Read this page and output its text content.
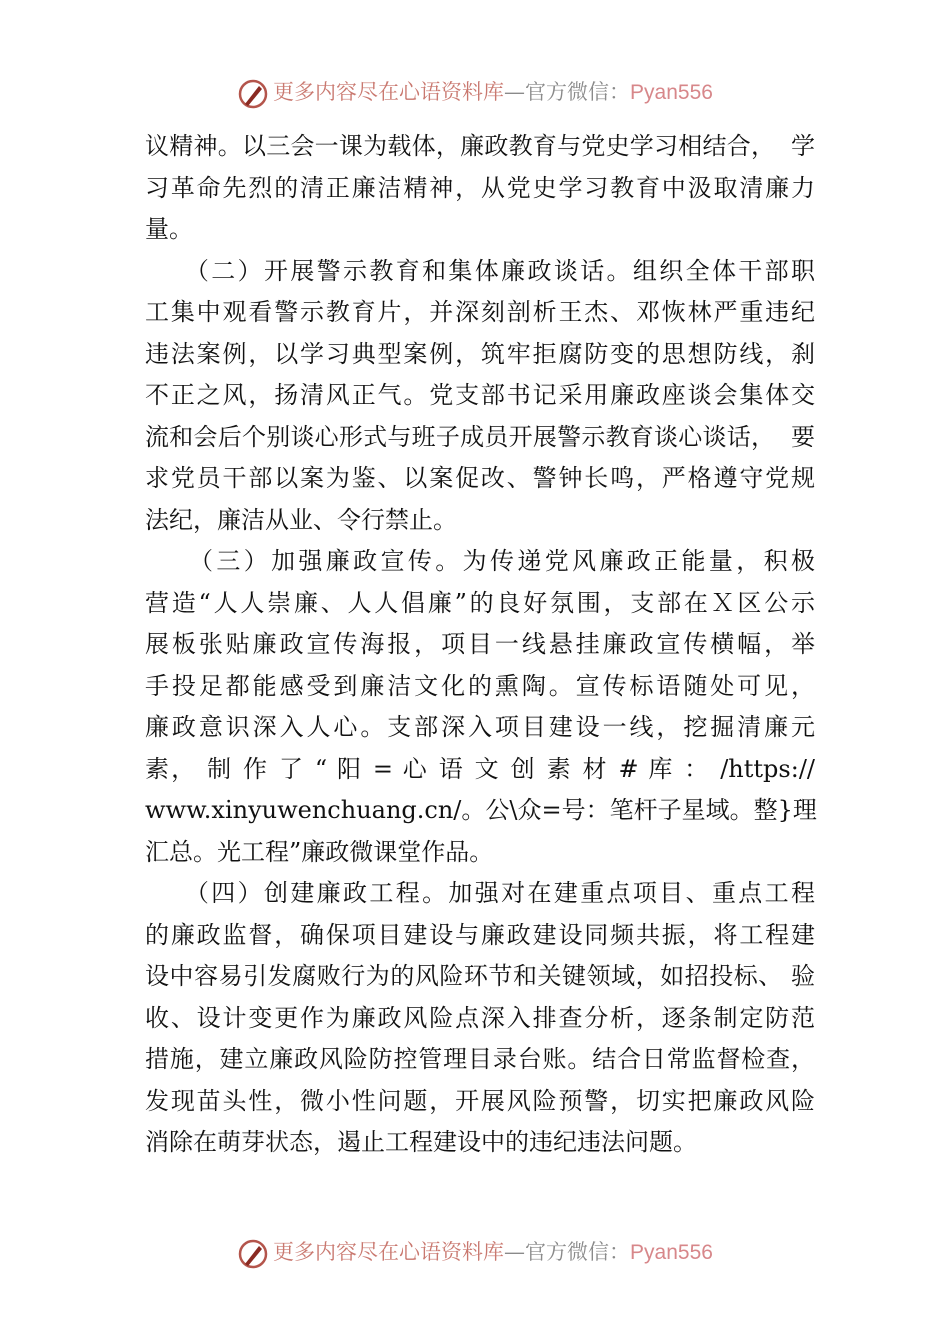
更多内容尽在心语资料库—官方微信：Pyan556
议精神。以三会一课为载体，廉政教育与党史学习相结合，  学
习革命先烈的清正廉洁精神，从党史学习教育中汲取清廉力
量。
（二）开展警示教育和集体廉政谈话。组织全体干部职
工集中观看警示教育片，并深刻剖析王杰、邓恢林严重违纪
违法案例，以学习典型案例，筑牢拒腐防变的思想防线，刹
不正之风，扬清风正气。党支部书记采用廉政座谈会集体交
流和会后个别谈心形式与班子成员开展警示教育谈心谈话，  要
求党员干部以案为鉴、以案促改、警钟长鸣，严格遵守党规
法纪，廉洁从业、令行禁止。
（三）加强廉政宣传。为传递党风廉政正能量，积极
营造“人人崇廉、人人倡廉”的良好氛围，支部在Ｘ区公示
展板张贴廉政宣传海报，项目一线悬挂廉政宣传横幅，举
手投足都能感受到廉洁文化的熏陶。宣传标语随处可见，
廉政意识深入人心。支部深入项目建设一线，挖掘清廉元
素， 制 作 了 “ 阳 = 心 语 文 创 素 材 # 库 ： /https://
www.xinyuwenchuang.cn/。公\众=号：笔杆子星域。整}理
汇总。光工程”廉政微课堂作品。
（四）创建廉政工程。加强对在建重点项目、重点工程
的廉政监督，确保项目建设与廉政建设同频共振，将工程建
设中容易引发腐败行为的风险环节和关键领域，如招投标、 验
收、设计变更作为廉政风险点深入排查分析，逐条制定防范
措施，建立廉政风险防控管理目录台账。结合日常监督检查，
发现苗头性，微小性问题，开展风险预警，切实把廉政风险
消除在萌芽状态，遏止工程建设中的违纪违法问题。
更多内容尽在心语资料库—官方微信：Pyan556
